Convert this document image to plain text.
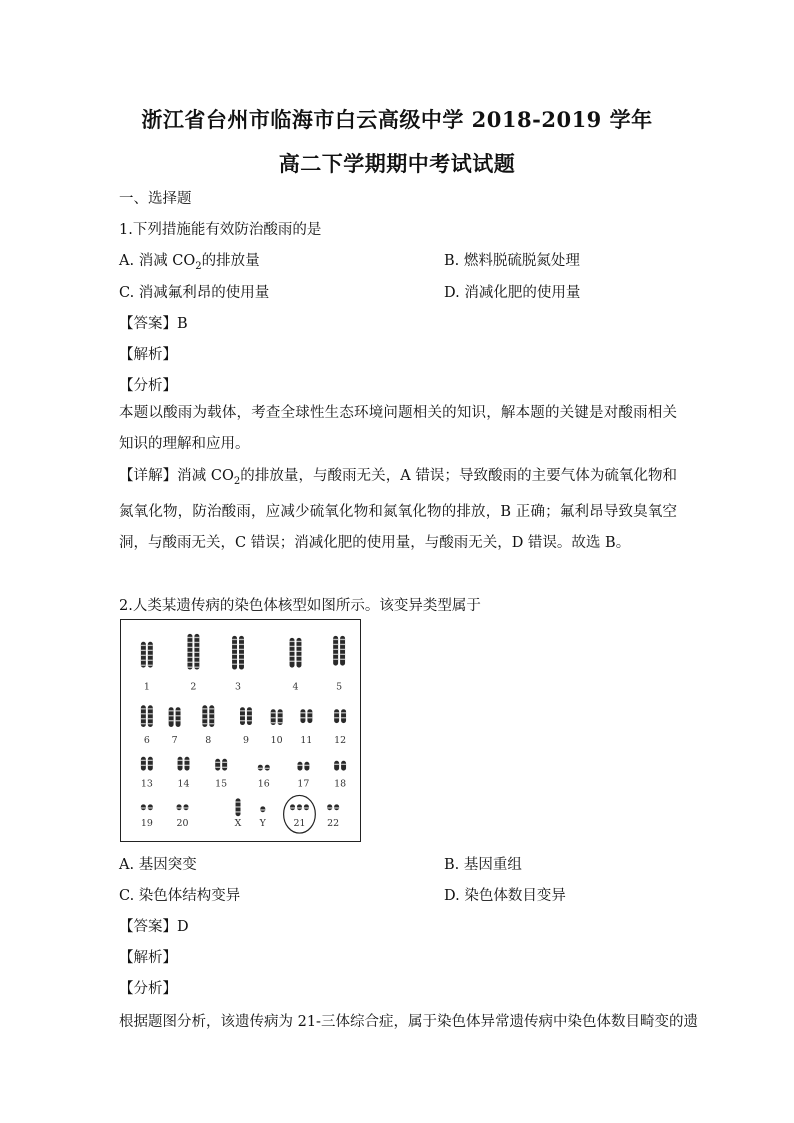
浙江省台州市临海市白云高级中学 2018-2019 学年
高二下学期期中考试试题

一、选择题

1.下列措施能有效防治酸雨的是

A. 消减 $CO_2$的排放量	B. 燃料脱硫脱氮处理

C. 消减氟利昂的使用量	D. 消减化肥的使用量

【答案】B

【解析】

【分析】

本题以酸雨为载体，考查全球性生态环境问题相关的知识，解本题的关键是对酸雨相关知识的理解和应用。

【详解】消减 $CO_2$的排放量，与酸雨无关，A 错误；导致酸雨的主要气体为硫氧化物和氮氧化物，防治酸雨，应减少硫氧化物和氮氧化物的排放，B 正确；氟利昂导致臭氧空洞，与酸雨无关，C 错误；消减化肥的使用量，与酸雨无关，D 错误。故选 B。

2.人类某遗传病的染色体核型如图所示。该变异类型属于

1	2	3	4	5
6 7	8	9 10 11 12
13	14	15	16	17	18
19 20	X Y	21 22

A. 基因突变	B. 基因重组

C. 染色体结构变异	D. 染色体数目变异

【答案】D

【解析】

【分析】

根据题图分析，该遗传病为 21-三体综合症，属于染色体异常遗传病中染色体数目畸变的遗
